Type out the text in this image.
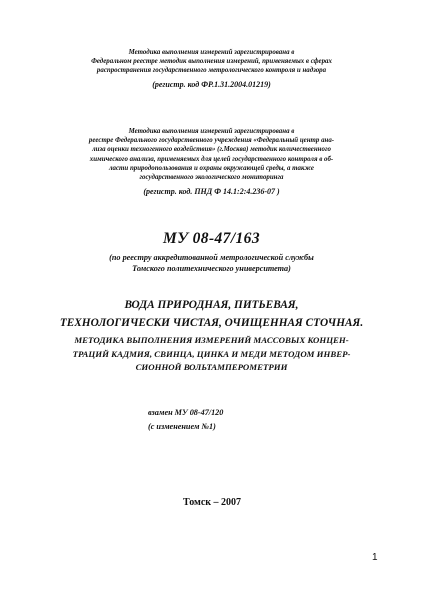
Методика выполнения измерений зарегистрирована в
Федеральном реестре методик выполнения измерений, применяемых в сферах
распространения государственного метрологического контроля и надзора
(регистр. код ФР.1.31.2004.01219)
Методика выполнения измерений зарегистрирована в
реестре Федерального государственного учреждения «Федеральный центр ана-
лиза оценки техногенного воздействия» (г.Москва) методик количественного
химического анализа, применяемых для целей государственного контроля в об-
ласти природопользования и охраны окружающей среды, а также
государственного экологического мониторинга
(регистр. код. ПНД Ф 14.1:2:4.236-07 )
МУ 08-47/163
(по реестру аккредитованной метрологической службы
Томского политехнического университета)
ВОДА ПРИРОДНАЯ, ПИТЬЕВАЯ,
ТЕХНОЛОГИЧЕСКИ ЧИСТАЯ, ОЧИЩЕННАЯ СТОЧНАЯ.
МЕТОДИКА ВЫПОЛНЕНИЯ ИЗМЕРЕНИЙ МАССОВЫХ КОНЦЕН-
ТРАЦИЙ КАДМИЯ, СВИНЦА, ЦИНКА И МЕДИ МЕТОДОМ ИНВЕР-
СИОННОЙ ВОЛЬТАМПЕРОМЕТРИИ
взамен МУ 08-47/120
(с изменением №1)
Томск – 2007
1
